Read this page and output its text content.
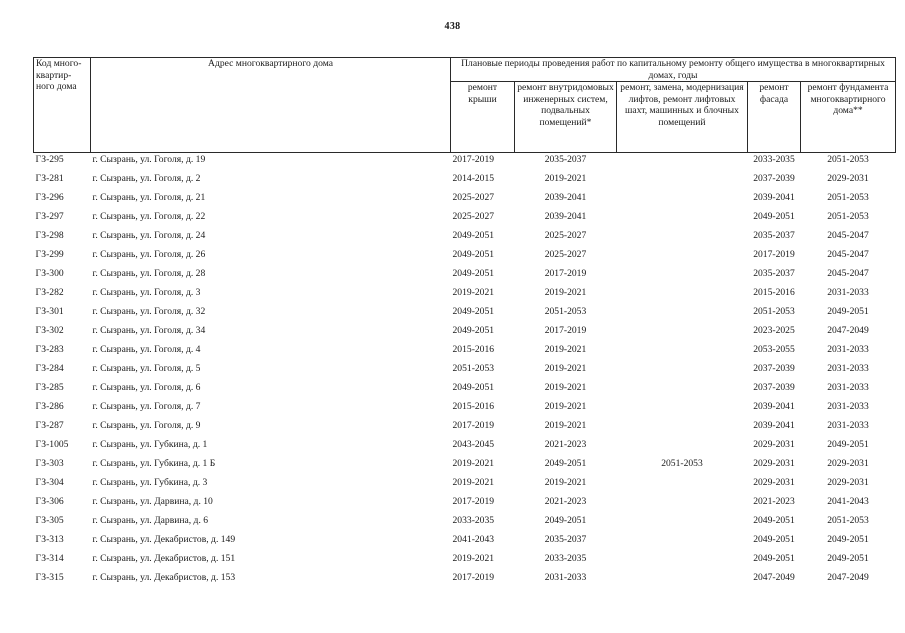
438
Код много-квартир-ного дома	Адрес многоквартирного дома	Плановые периоды проведения работ по капитальному ремонту общего имущества в многоквартирных домах, годы				
		ремонт крыши	ремонт внутридомовых инженерных систем, подвальных помещений*	ремонт, замена, модернизация лифтов, ремонт лифтовых шахт, машинных и блочных помещений	ремонт фасада	ремонт фундамента многоквартирного дома**
ГЗ-295	г. Сызрань, ул. Гоголя, д. 19	2017-2019	2035-2037		2033-2035	2051-2053
ГЗ-281	г. Сызрань, ул. Гоголя, д. 2	2014-2015	2019-2021		2037-2039	2029-2031
ГЗ-296	г. Сызрань, ул. Гоголя, д. 21	2025-2027	2039-2041		2039-2041	2051-2053
ГЗ-297	г. Сызрань, ул. Гоголя, д. 22	2025-2027	2039-2041		2049-2051	2051-2053
ГЗ-298	г. Сызрань, ул. Гоголя, д. 24	2049-2051	2025-2027		2035-2037	2045-2047
ГЗ-299	г. Сызрань, ул. Гоголя, д. 26	2049-2051	2025-2027		2017-2019	2045-2047
ГЗ-300	г. Сызрань, ул. Гоголя, д. 28	2049-2051	2017-2019		2035-2037	2045-2047
ГЗ-282	г. Сызрань, ул. Гоголя, д. 3	2019-2021	2019-2021		2015-2016	2031-2033
ГЗ-301	г. Сызрань, ул. Гоголя, д. 32	2049-2051	2051-2053		2051-2053	2049-2051
ГЗ-302	г. Сызрань, ул. Гоголя, д. 34	2049-2051	2017-2019		2023-2025	2047-2049
ГЗ-283	г. Сызрань, ул. Гоголя, д. 4	2015-2016	2019-2021		2053-2055	2031-2033
ГЗ-284	г. Сызрань, ул. Гоголя, д. 5	2051-2053	2019-2021		2037-2039	2031-2033
ГЗ-285	г. Сызрань, ул. Гоголя, д. 6	2049-2051	2019-2021		2037-2039	2031-2033
ГЗ-286	г. Сызрань, ул. Гоголя, д. 7	2015-2016	2019-2021		2039-2041	2031-2033
ГЗ-287	г. Сызрань, ул. Гоголя, д. 9	2017-2019	2019-2021		2039-2041	2031-2033
ГЗ-1005	г. Сызрань, ул. Губкина, д. 1	2043-2045	2021-2023		2029-2031	2049-2051
ГЗ-303	г. Сызрань, ул. Губкина, д. 1 Б	2019-2021	2049-2051	2051-2053	2029-2031	2029-2031
ГЗ-304	г. Сызрань, ул. Губкина, д. 3	2019-2021	2019-2021		2029-2031	2029-2031
ГЗ-306	г. Сызрань, ул. Дарвина, д. 10	2017-2019	2021-2023		2021-2023	2041-2043
ГЗ-305	г. Сызрань, ул. Дарвина, д. 6	2033-2035	2049-2051		2049-2051	2051-2053
ГЗ-313	г. Сызрань, ул. Декабристов, д. 149	2041-2043	2035-2037		2049-2051	2049-2051
ГЗ-314	г. Сызрань, ул. Декабристов, д. 151	2019-2021	2033-2035		2049-2051	2049-2051
ГЗ-315	г. Сызрань, ул. Декабристов, д. 153	2017-2019	2031-2033		2047-2049	2047-2049
